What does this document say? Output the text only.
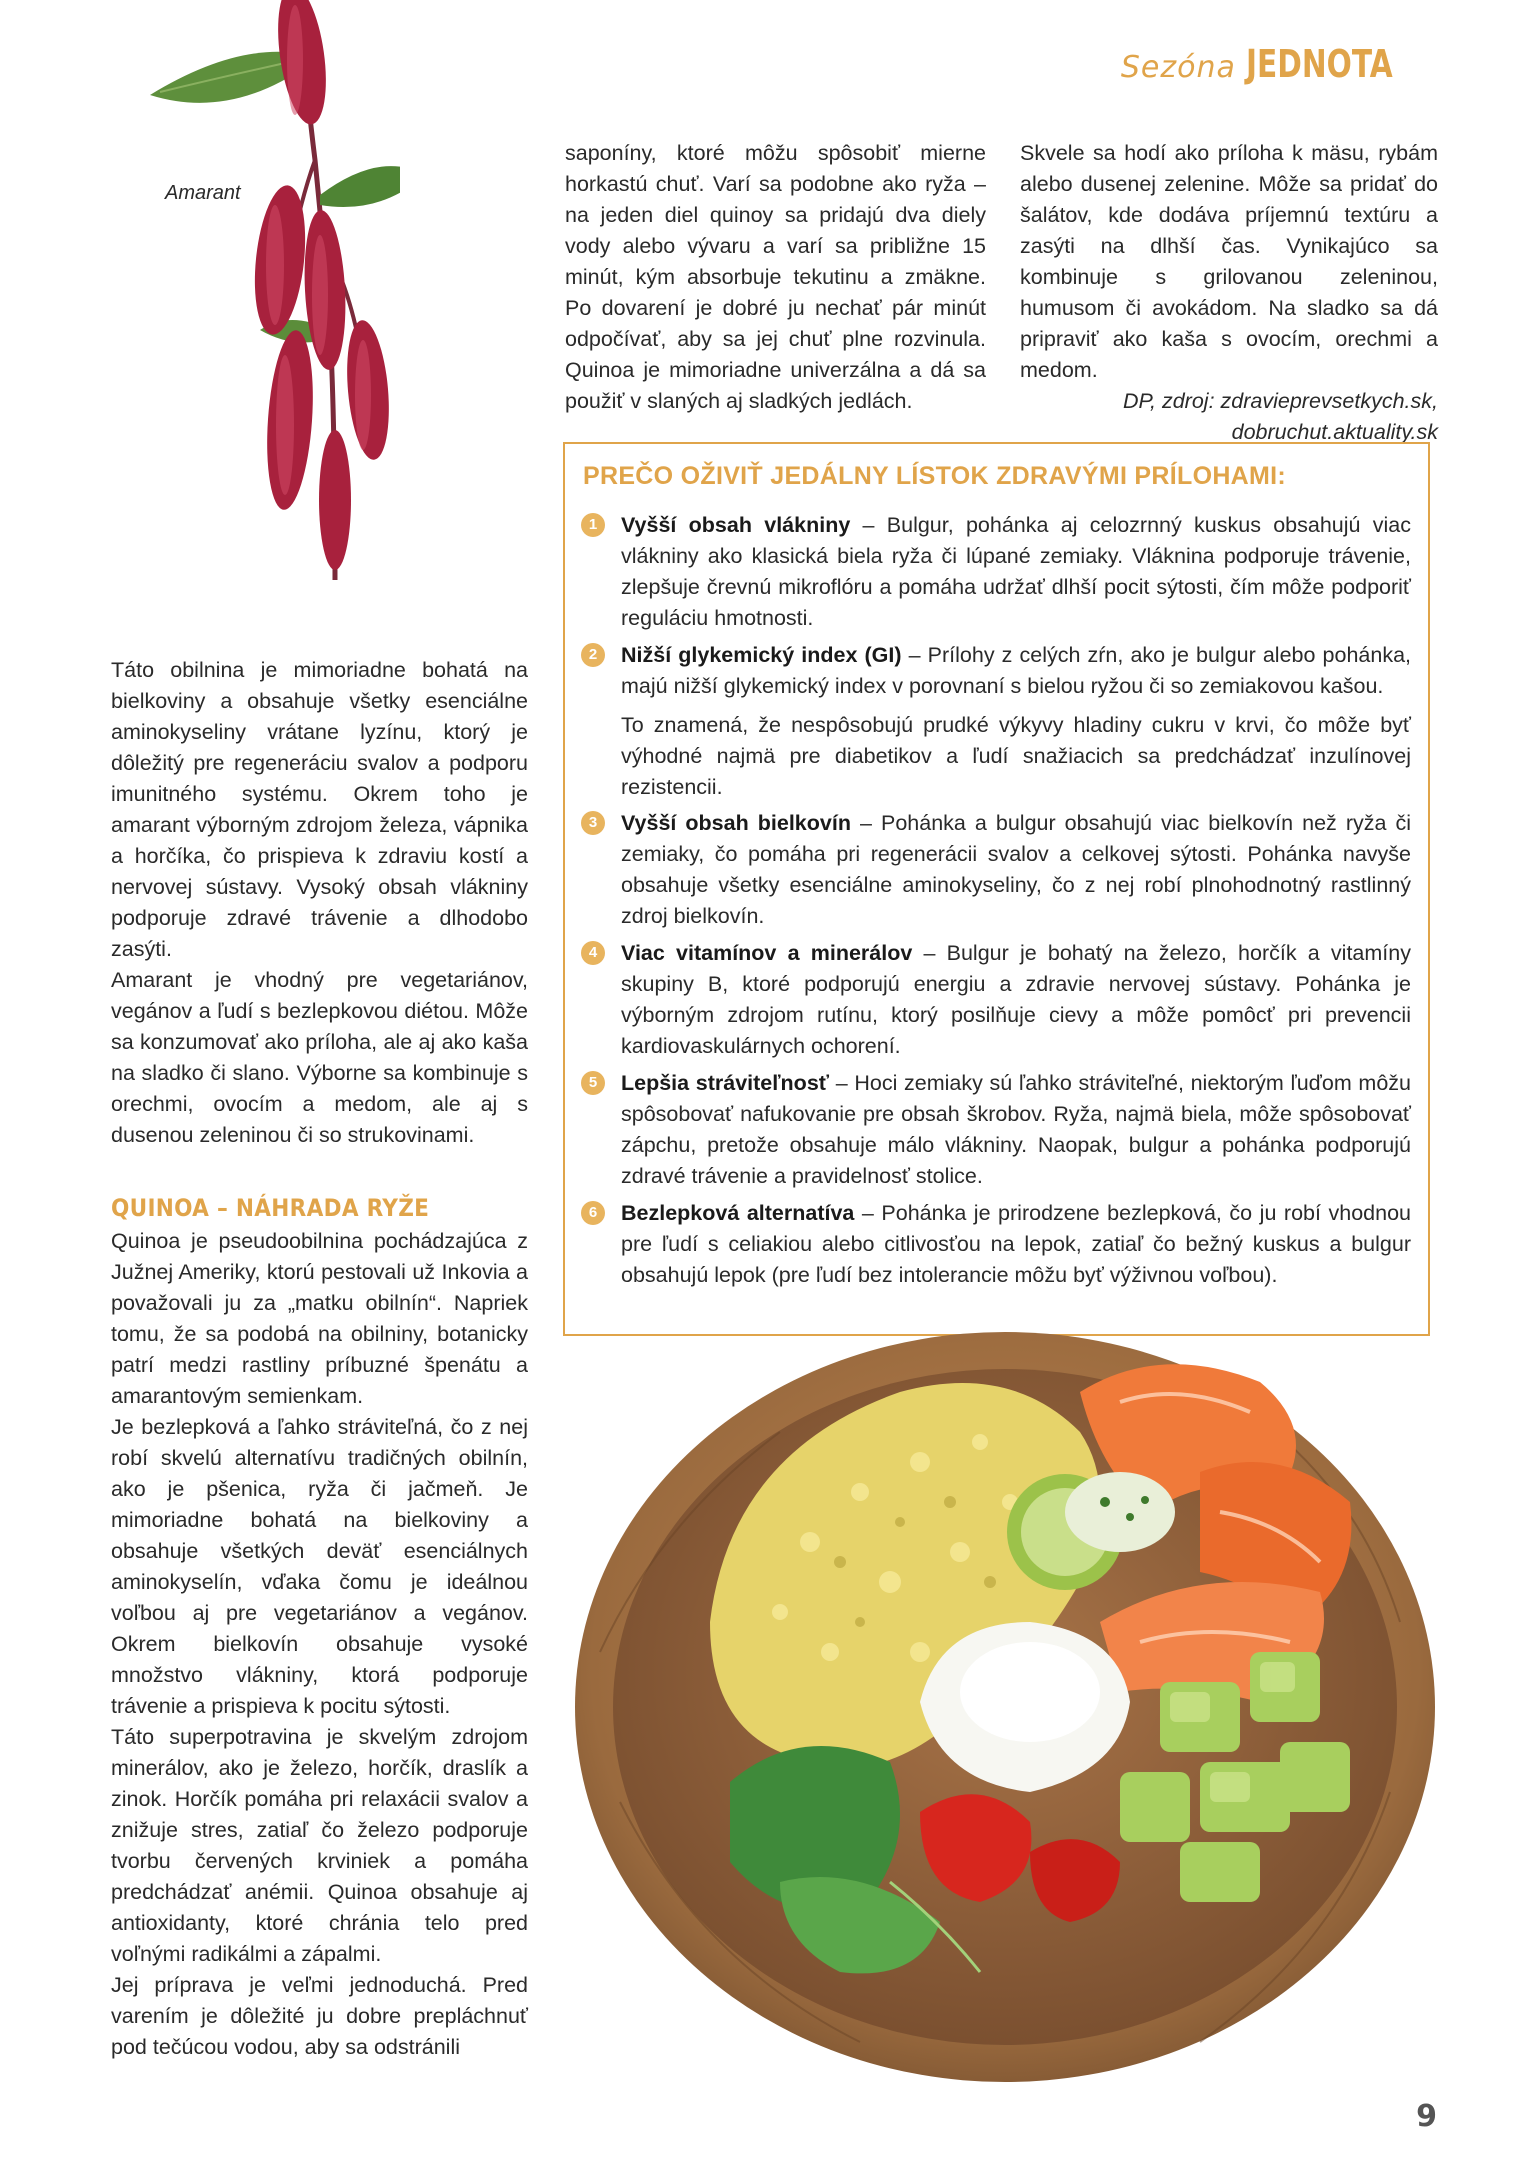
Sezóna JEDNOTA
Amarant

saponíny, ktoré môžu spôsobiť mierne horkastú chuť. Varí sa podobne ako ryža – na jeden diel quinoy sa pridajú dva diely vody alebo vývaru a varí sa približne 15 minút, kým absorbuje tekutinu a zmäkne. Po dovarení je dobré ju nechať pár minút odpočívať, aby sa jej chuť plne rozvinula. Quinoa je mimoriadne univerzálna a dá sa použiť v slaných aj sladkých jedlách.

Skvele sa hodí ako príloha k mäsu, rybám alebo dusenej zelenine. Môže sa pridať do šalátov, kde dodáva príjemnú textúru a zasýti na dlhší čas. Vynikajúco sa kombinuje s grilovanou zeleninou, humusom či avokádom. Na sladko sa dá pripraviť ako kaša s ovocím, orechmi a medom.

DP, zdroj: zdravieprevsetkych.sk,
dobruchut.aktuality.sk

Táto obilnina je mimoriadne bohatá na bielkoviny a obsahuje všetky esenciálne aminokyseliny vrátane lyzínu, ktorý je dôležitý pre regeneráciu svalov a podporu imunitného systému. Okrem toho je amarant výborným zdrojom železa, vápnika a horčíka, čo prispieva k zdraviu kostí a nervovej sústavy. Vysoký obsah vlákniny podporuje zdravé trávenie a dlhodobo zasýti.

Amarant je vhodný pre vegetariánov, vegánov a ľudí s bezlepkovou diétou. Môže sa konzumovať ako príloha, ale aj ako kaša na sladko či slano. Výborne sa kombinuje s orechmi, ovocím a medom, ale aj s dusenou zeleninou či so strukovinami.

QUINOA – NÁHRADA RYŽE

Quinoa je pseudoobilnina pochádzajúca z Južnej Ameriky, ktorú pestovali už Inkovia a považovali ju za „matku obilnín“. Napriek tomu, že sa podobá na obilniny, botanicky patrí medzi rastliny príbuzné špenátu a amarantovým semienkam.

Je bezlepková a ľahko stráviteľná, čo z nej robí skvelú alternatívu tradičných obilnín, ako je pšenica, ryža či jačmeň. Je mimoriadne bohatá na bielkoviny a obsahuje všetkých deväť esenciálnych aminokyselín, vďaka čomu je ideálnou voľbou aj pre vegetariánov a vegánov. Okrem bielkovín obsahuje vysoké množstvo vlákniny, ktorá podporuje trávenie a prispieva k pocitu sýtosti.

Táto superpotravina je skvelým zdrojom minerálov, ako je železo, horčík, draslík a zinok. Horčík pomáha pri relaxácii svalov a znižuje stres, zatiaľ čo železo podporuje tvorbu červených krviniek a pomáha predchádzať anémii. Quinoa obsahuje aj antioxidanty, ktoré chránia telo pred voľnými radikálmi a zápalmi.

Jej príprava je veľmi jednoduchá. Pred varením je dôležité ju dobre prepláchnuť pod tečúcou vodou, aby sa odstránili

PREČO OŽIVIŤ JEDÁLNY LÍSTOK ZDRAVÝMI PRÍLOHAMI:
1	Vyšší obsah vlákniny – Bulgur, pohánka aj celozrnný kuskus obsahujú viac vlákniny ako klasická biela ryža či lúpané zemiaky. Vláknina podporuje trávenie, zlepšuje črevnú mikroflóru a pomáha udržať dlhší pocit sýtosti, čím môže podporiť reguláciu hmotnosti.
2	Nižší glykemický index (GI) – Prílohy z celých zŕn, ako je bulgur alebo pohánka, majú nižší glykemický index v porovnaní s bielou ryžou či so zemiakovou kašou.
To znamená, že nespôsobujú prudké výkyvy hladiny cukru v krvi, čo môže byť výhodné najmä pre diabetikov a ľudí snažiacich sa predchádzať inzulínovej rezistencii.
3	Vyšší obsah bielkovín – Pohánka a bulgur obsahujú viac bielkovín než ryža či zemiaky, čo pomáha pri regenerácii svalov a celkovej sýtosti. Pohánka navyše obsahuje všetky esenciálne aminokyseliny, čo z nej robí plnohodnotný rastlinný zdroj bielkovín.
4	Viac vitamínov a minerálov – Bulgur je bohatý na železo, horčík a vitamíny skupiny B, ktoré podporujú energiu a zdravie nervovej sústavy. Pohánka je výborným zdrojom rutínu, ktorý posilňuje cievy a môže pomôcť pri prevencii kardiovaskulárnych ochorení.
5	Lepšia stráviteľnosť – Hoci zemiaky sú ľahko stráviteľné, niektorým ľuďom môžu spôsobovať nafukovanie pre obsah škrobov. Ryža, najmä biela, môže spôsobovať zápchu, pretože obsahuje málo vlákniny. Naopak, bulgur a pohánka podporujú zdravé trávenie a pravidelnosť stolice.
6	Bezlepková alternatíva – Pohánka je prirodzene bezlepková, čo ju robí vhodnou pre ľudí s celiakiou alebo citlivosťou na lepok, zatiaľ čo bežný kuskus a bulgur obsahujú lepok (pre ľudí bez intolerancie môžu byť výživnou voľbou).
9
